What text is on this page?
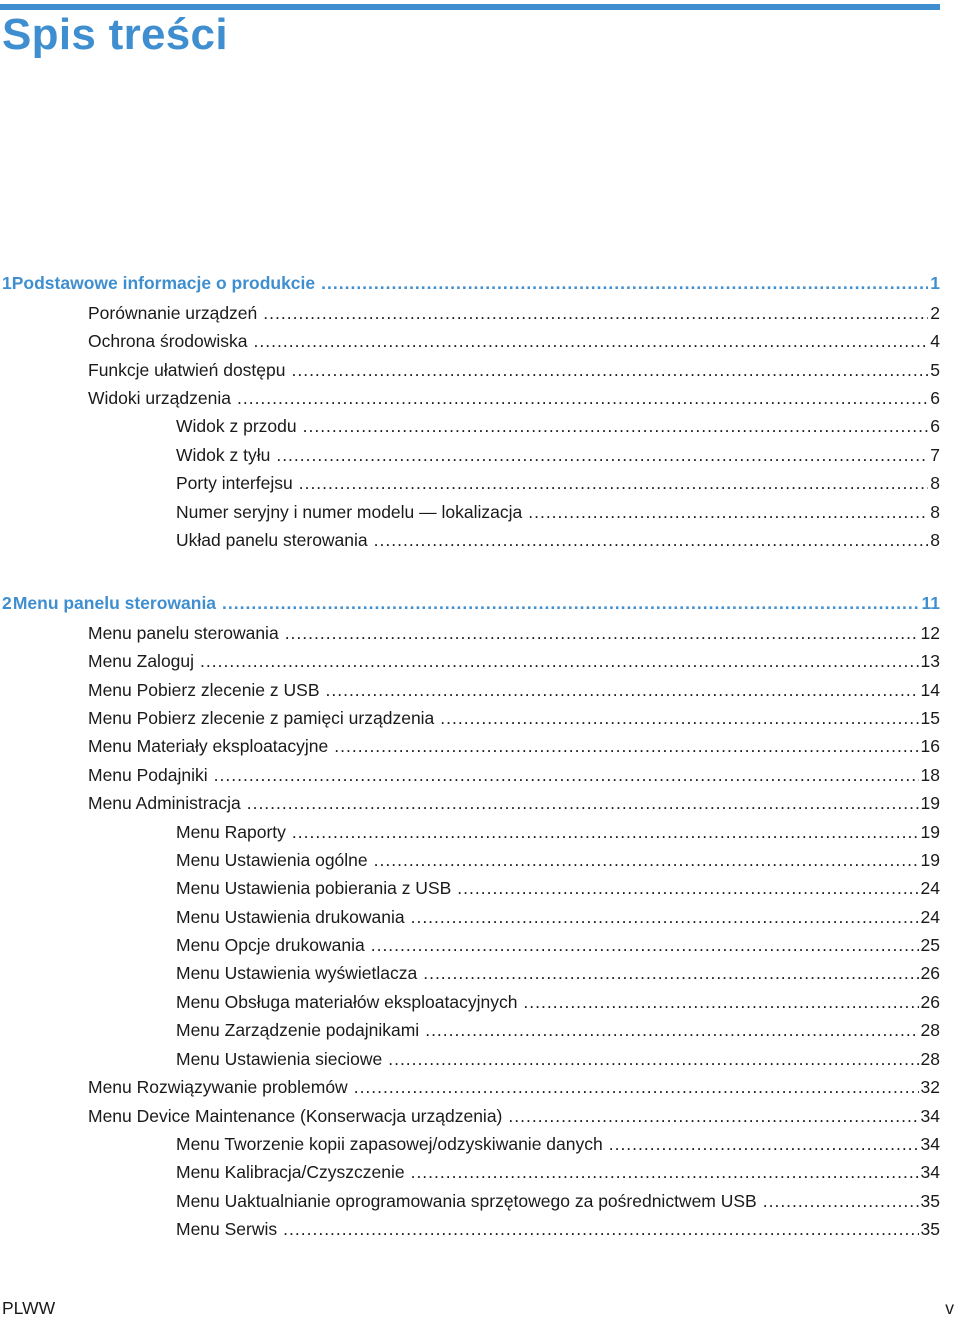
Spis treści
1 Podstawowe informacje o produkcie .....	1
Porównanie urządzeń .....	2
Ochrona środowiska .....	4
Funkcje ułatwień dostępu .....	5
Widoki urządzenia .....	6
Widok z przodu .....	6
Widok z tyłu .....	7
Porty interfejsu .....	8
Numer seryjny i numer modelu — lokalizacja .....	8
Układ panelu sterowania .....	8
2 Menu panelu sterowania .....	11
Menu panelu sterowania .....	12
Menu Zaloguj .....	13
Menu Pobierz zlecenie z USB .....	14
Menu Pobierz zlecenie z pamięci urządzenia .....	15
Menu Materiały eksploatacyjne .....	16
Menu Podajniki .....	18
Menu Administracja .....	19
Menu Raporty .....	19
Menu Ustawienia ogólne .....	19
Menu Ustawienia pobierania z USB .....	24
Menu Ustawienia drukowania .....	24
Menu Opcje drukowania .....	25
Menu Ustawienia wyświetlacza .....	26
Menu Obsługa materiałów eksploatacyjnych .....	26
Menu Zarządzenie podajnikami .....	28
Menu Ustawienia sieciowe .....	28
Menu Rozwiązywanie problemów .....	32
Menu Device Maintenance (Konserwacja urządzenia) .....	34
Menu Tworzenie kopii zapasowej/odzyskiwanie danych .....	34
Menu Kalibracja/Czyszczenie .....	34
Menu Uaktualnianie oprogramowania sprzętowego za pośrednictwem USB .....	35
Menu Serwis .....	35
PLWW	v
